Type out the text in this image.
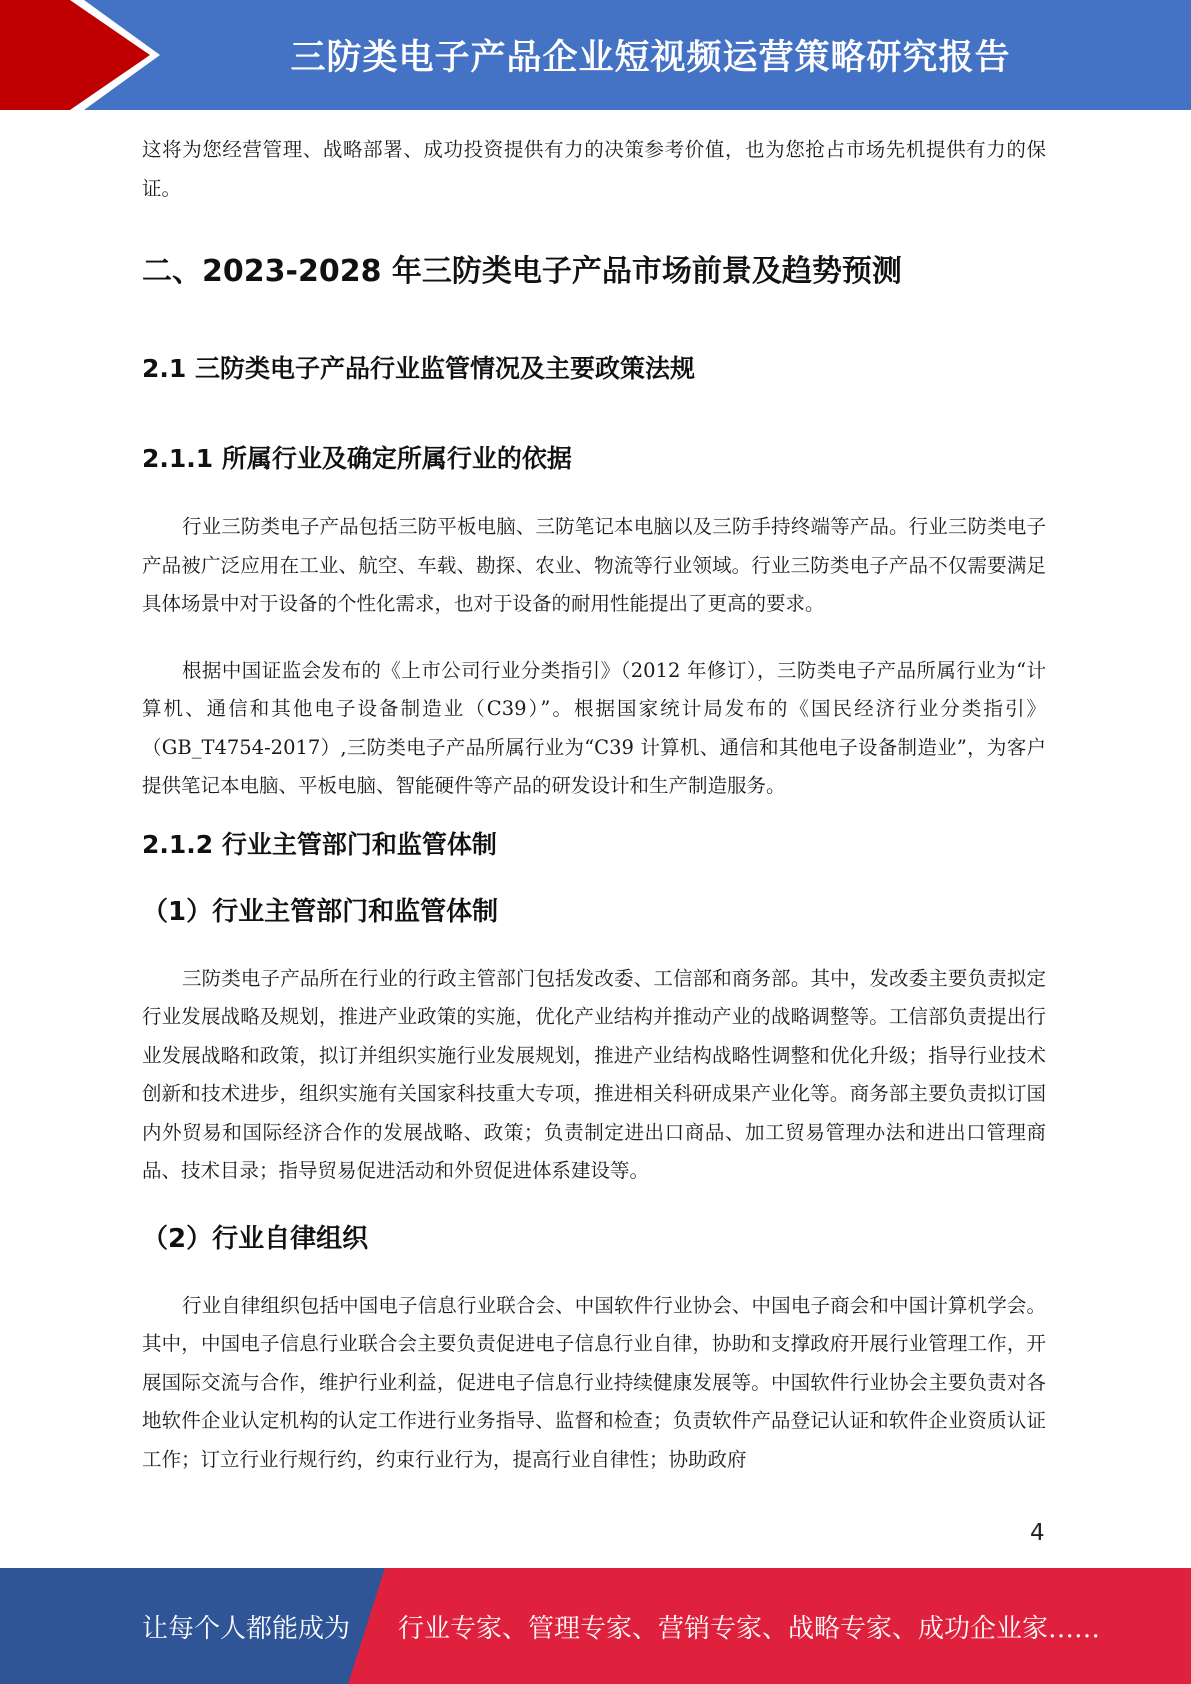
三防类电子产品企业短视频运营策略研究报告

这将为您经营管理、战略部署、成功投资提供有力的决策参考价值，也为您抢占市场先机提供有力的保证。

二、2023-2028 年三防类电子产品市场前景及趋势预测
2.1 三防类电子产品行业监管情况及主要政策法规
2.1.1 所属行业及确定所属行业的依据

行业三防类电子产品包括三防平板电脑、三防笔记本电脑以及三防手持终端等产品。行业三防类电子产品被广泛应用在工业、航空、车载、勘探、农业、物流等行业领域。行业三防类电子产品不仅需要满足具体场景中对于设备的个性化需求，也对于设备的耐用性能提出了更高的要求。

根据中国证监会发布的《上市公司行业分类指引》（2012 年修订），三防类电子产品所属行业为“计算机、通信和其他电子设备制造业（C39）”。根据国家统计局发布的《国民经济行业分类指引》（GB_T4754-2017）,三防类电子产品所属行业为“C39 计算机、通信和其他电子设备制造业”，为客户提供笔记本电脑、平板电脑、智能硬件等产品的研发设计和生产制造服务。

2.1.2 行业主管部门和监管体制
（1）行业主管部门和监管体制

三防类电子产品所在行业的行政主管部门包括发改委、工信部和商务部。其中，发改委主要负责拟定行业发展战略及规划，推进产业政策的实施，优化产业结构并推动产业的战略调整等。工信部负责提出行业发展战略和政策，拟订并组织实施行业发展规划，推进产业结构战略性调整和优化升级；指导行业技术创新和技术进步，组织实施有关国家科技重大专项，推进相关科研成果产业化等。商务部主要负责拟订国内外贸易和国际经济合作的发展战略、政策；负责制定进出口商品、加工贸易管理办法和进出口管理商品、技术目录；指导贸易促进活动和外贸促进体系建设等。

（2）行业自律组织

行业自律组织包括中国电子信息行业联合会、中国软件行业协会、中国电子商会和中国计算机学会。其中，中国电子信息行业联合会主要负责促进电子信息行业自律，协助和支撑政府开展行业管理工作，开展国际交流与合作，维护行业利益，促进电子信息行业持续健康发展等。中国软件行业协会主要负责对各地软件企业认定机构的认定工作进行业务指导、监督和检查；负责软件产品登记认证和软件企业资质认证工作；订立行业行规行约，约束行业行为，提高行业自律性；协助政府

4
让每个人都能成为 行业专家、管理专家、营销专家、战略专家、成功企业家……
